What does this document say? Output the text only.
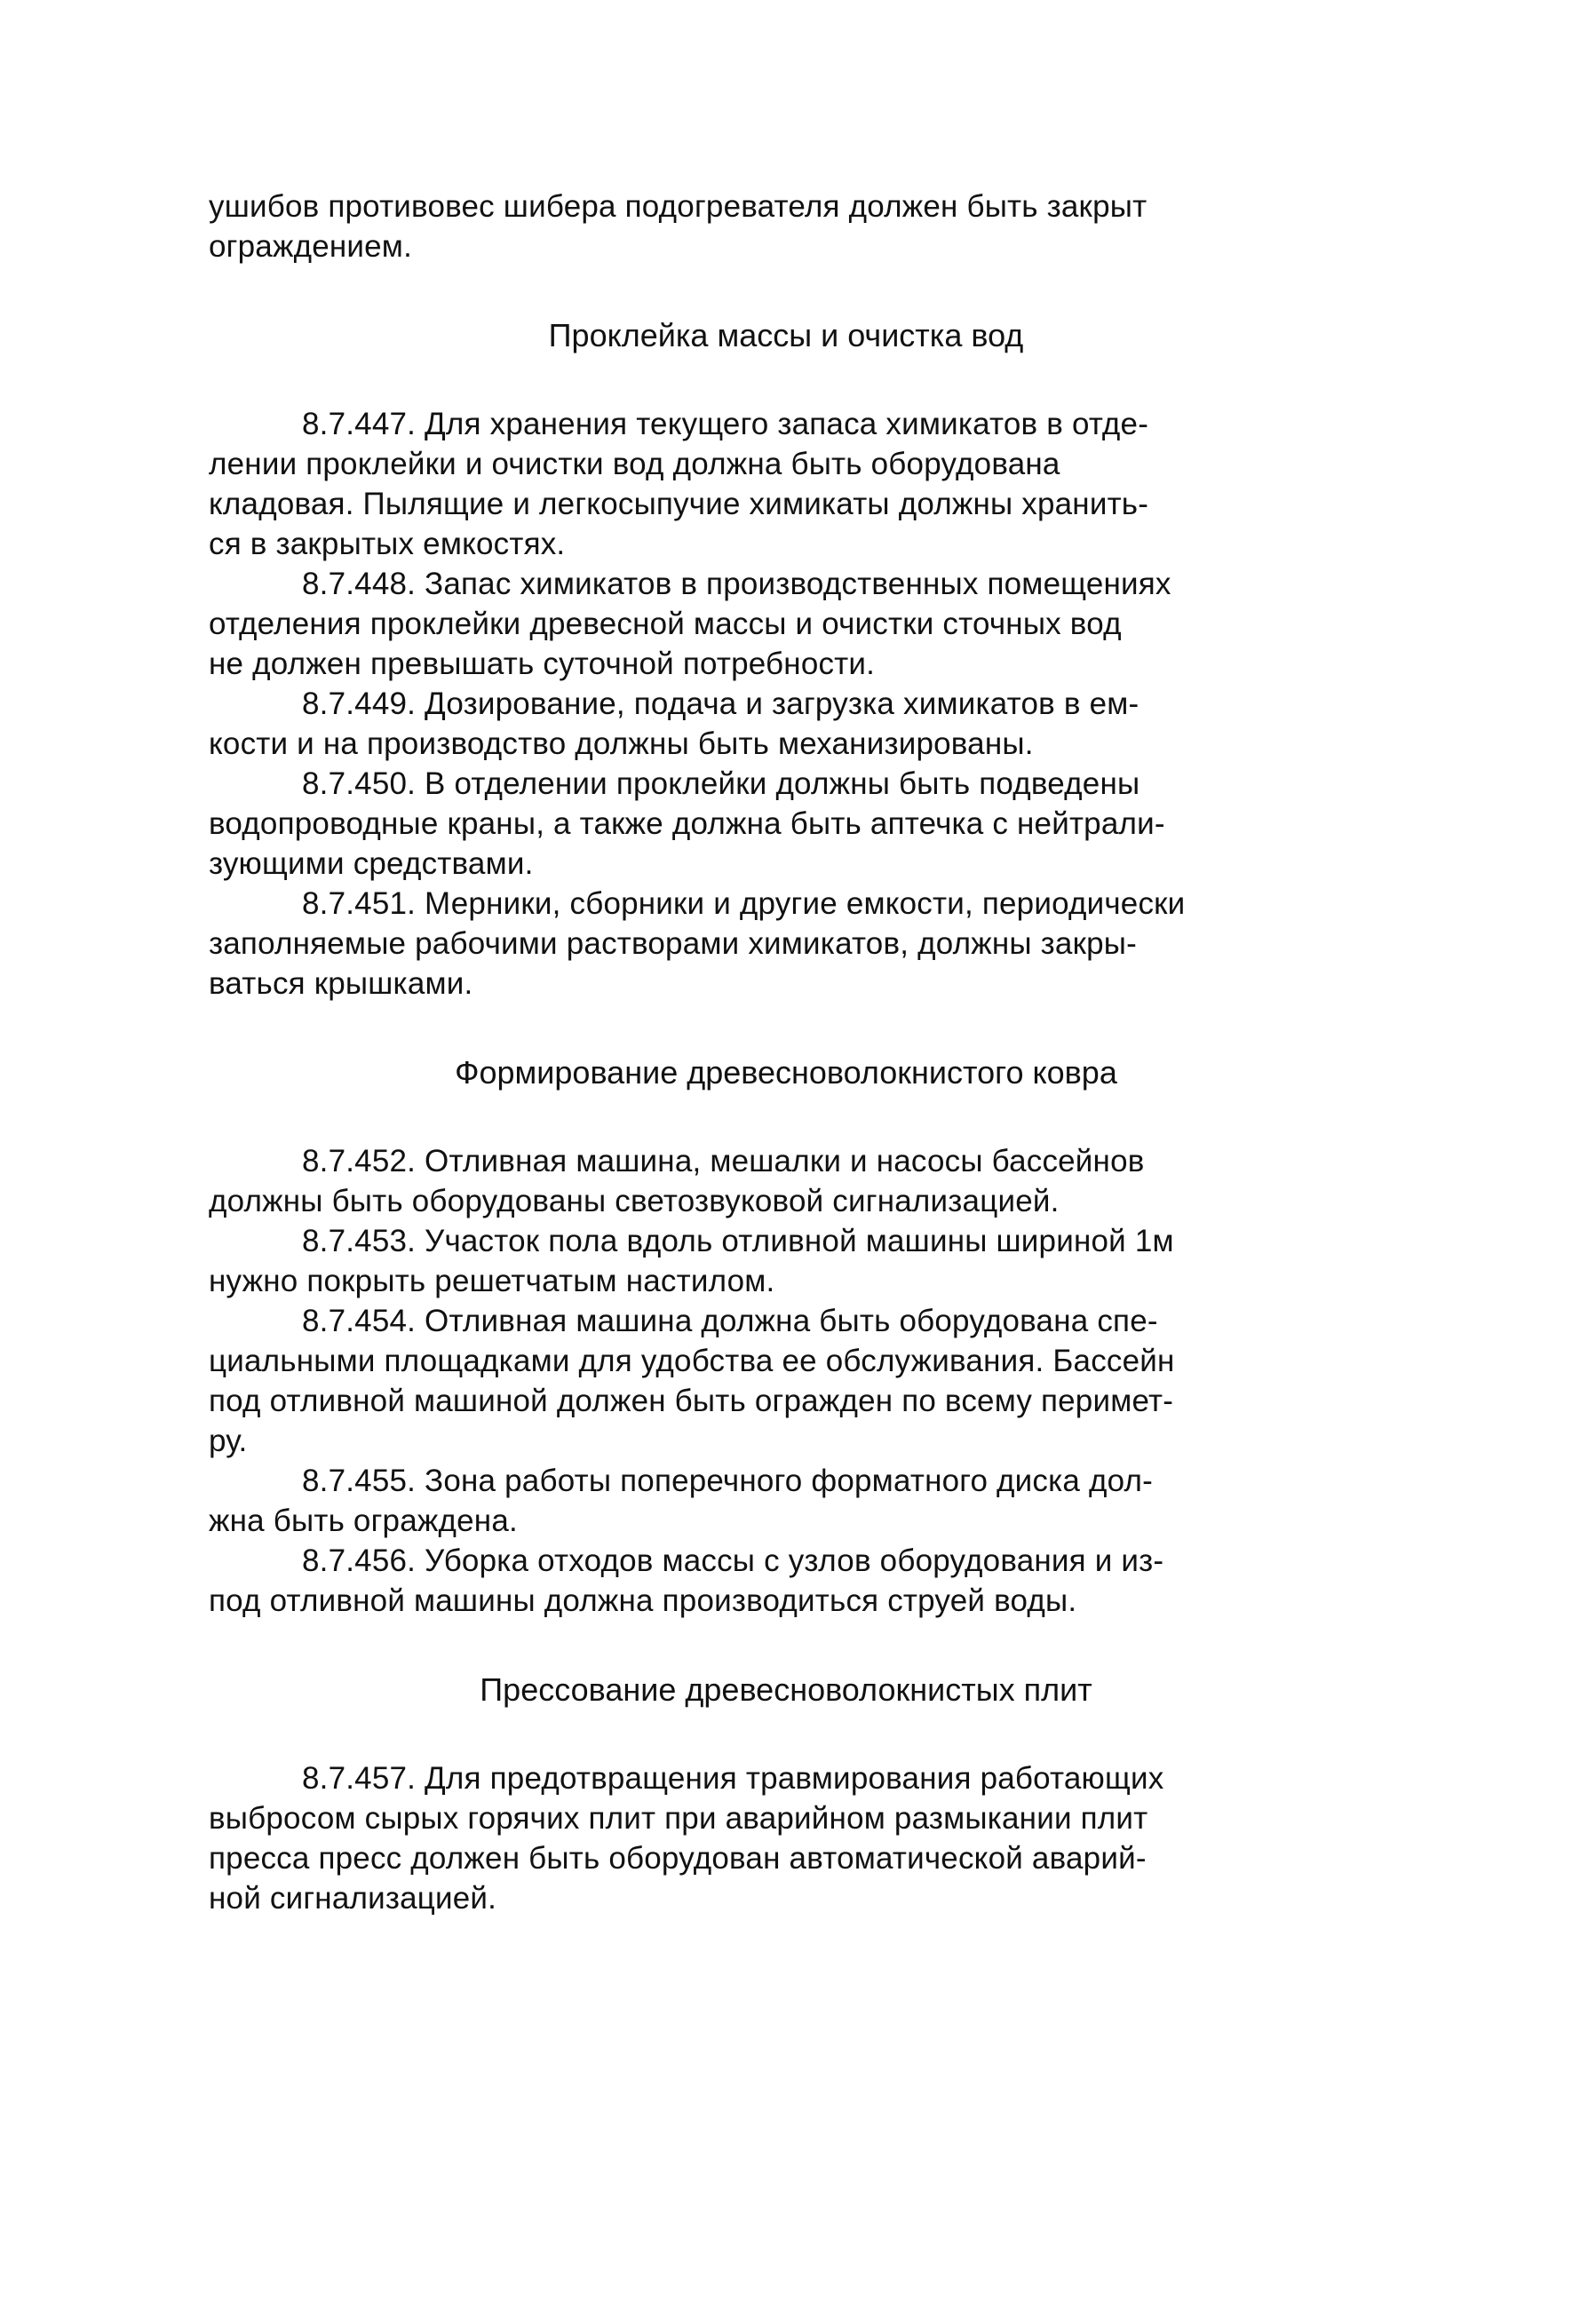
ушибов противовес шибера подогревателя должен быть закрыт
ограждением.
Проклейка массы и очистка вод
8.7.447. Для хранения текущего запаса химикатов в отде-
лении проклейки и очистки вод должна быть оборудована
кладовая. Пылящие и легкосыпучие химикаты должны хранить-
ся в закрытых емкостях.
8.7.448. Запас химикатов в производственных помещениях
отделения проклейки древесной массы и очистки сточных вод
не должен превышать суточной потребности.
8.7.449. Дозирование, подача и загрузка химикатов в ем-
кости и на производство должны быть механизированы.
8.7.450. В отделении проклейки должны быть подведены
водопроводные краны, а также должна быть аптечка с нейтрали-
зующими средствами.
8.7.451. Мерники, сборники и другие емкости, периодически
заполняемые рабочими растворами химикатов, должны закры-
ваться крышками.
Формирование древесноволокнистого ковра
8.7.452. Отливная машина, мешалки и насосы бассейнов
должны быть оборудованы светозвуковой сигнализацией.
8.7.453. Участок пола вдоль отливной машины шириной 1м
нужно покрыть решетчатым настилом.
8.7.454. Отливная машина должна быть оборудована спе-
циальными площадками для удобства ее обслуживания. Бассейн
под отливной машиной должен быть огражден по всему перимет-
ру.
8.7.455. Зона работы поперечного форматного диска дол-
жна быть ограждена.
8.7.456. Уборка отходов массы с узлов оборудования и из-
под отливной машины должна производиться струей воды.
Прессование древесноволокнистых плит
8.7.457. Для предотвращения травмирования работающих
выбросом сырых горячих плит при аварийном размыкании плит
пресса пресс должен быть оборудован автоматической аварий-
ной сигнализацией.
